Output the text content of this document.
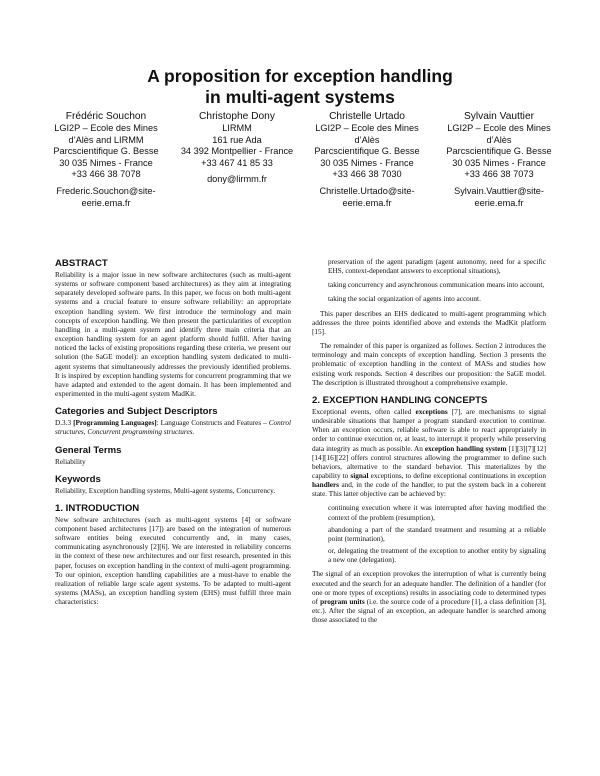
A proposition for exception handling
in multi-agent systems
Frédéric Souchon
LGI2P – Ecole des Mines
d’Alès and LIRMM
Parcscientifique G. Besse
30 035 Nimes - France
+33 466 38 7078
Frederic.Souchon@site-
eerie.ema.fr
Christophe Dony
LIRMM
161 rue Ada
34 392 Montpellier - France
+33 467 41 85 33
dony@lirmm.fr
Christelle Urtado
LGI2P – Ecole des Mines
d’Alès
Parcscientifique G. Besse
30 035 Nimes - France
+33 466 38 7030
Christelle.Urtado@site-
eerie.ema.fr
Sylvain Vauttier
LGI2P – Ecole des Mines
d’Alès
Parcscientifique G. Besse
30 035 Nimes - France
+33 466 38 7073
Sylvain.Vauttier@site-
eerie.ema.fr
ABSTRACT

Reliability is a major issue in new software architectures (such as multi-agent systems or software component based architectures) as they aim at integrating separately developed software parts. In this paper, we focus on both multi-agent systems and a crucial feature to ensure software reliability: an appropriate exception handling system. We first introduce the terminology and main concepts of exception handling. We then present the particularities of exception handling in a multi-agent system and identify three main criteria that an exception handling system for an agent platform should fulfill. After having noticed the lacks of existing propositions regarding these criteria, we present our solution (the SaGE model): an exception handling system dedicated to multi-agent systems that simultaneously addresses the previously identified problems. It is inspired by exception handling systems for concurrent programming that we have adapted and extended to the agent domain. It has been implemented and experimented in the multi-agent system MadKit.

Categories and Subject Descriptors

D.3.3 [Programming Languages]: Language Constructs and Features – Control structures, Concurrent programming structures.

General Terms

Reliability

Keywords

Reliability, Exception handling systems, Multi-agent systems, Concurrency.

1. INTRODUCTION

New software architectures (such as multi-agent systems [4] or software component based architectures [17]) are based on the integration of numerous software entities being executed concurrently and, in many cases, communicating asynchronously [2][6]. We are interested in reliability concerns in the context of these new architectures and our first research, presented in this paper, focuses on exception handling in the context of multi-agent programming. To our opinion, exception handling capabilities are a must-have to enable the realization of reliable large scale agent systems. To be adapted to multi-agent systems (MASs), an exception handling system (EHS) must fulfill three main characteristics:

preservation of the agent paradigm (agent autonomy, need for a specific EHS, context-dependant answers to exceptional situations),
taking concurrency and asynchronous communication means into account,
taking the social organization of agents into account.

This paper describes an EHS dedicated to multi-agent programming which addresses the three points identified above and extends the MadKit platform [15].

The remainder of this paper is organized as follows. Section 2 introduces the terminology and main concepts of exception handling. Section 3 presents the problematic of exception handling in the context of MASs and studies how existing work responds. Section 4 describes our proposition: the SaGE model. The description is illustrated throughout a comprehensive example.

2. EXCEPTION HANDLING CONCEPTS

Exceptional events, often called exceptions [7], are mechanisms to signal undesirable situations that hamper a program standard execution to continue. When an exception occurs, reliable software is able to react appropriately in order to continue execution or, at least, to interrupt it properly while preserving data integrity as much as possible. An exception handling system [1][3][7][12][14][16][22] offers control structures allowing the programmer to define such behaviors, alternative to the standard behavior. This materializes by the capability to signal exceptions, to define exceptional continuations in exception handlers and, in the code of the handler, to put the system back in a coherent state. This latter objective can be achieved by:

continuing execution where it was interrupted after having modified the context of the problem (resumption),
abandoning a part of the standard treatment and resuming at a reliable point (termination),
or, delegating the treatment of the exception to another entity by signaling a new one (delegation).

The signal of an exception provokes the interruption of what is currently being executed and the search for an adequate handler. The definition of a handler (for one or more types of exceptions) results in associating code to determined types of program units (i.e. the source code of a procedure [1], a class definition [3], etc.). After the signal of an exception, an adequate handler is searched among those associated to the
